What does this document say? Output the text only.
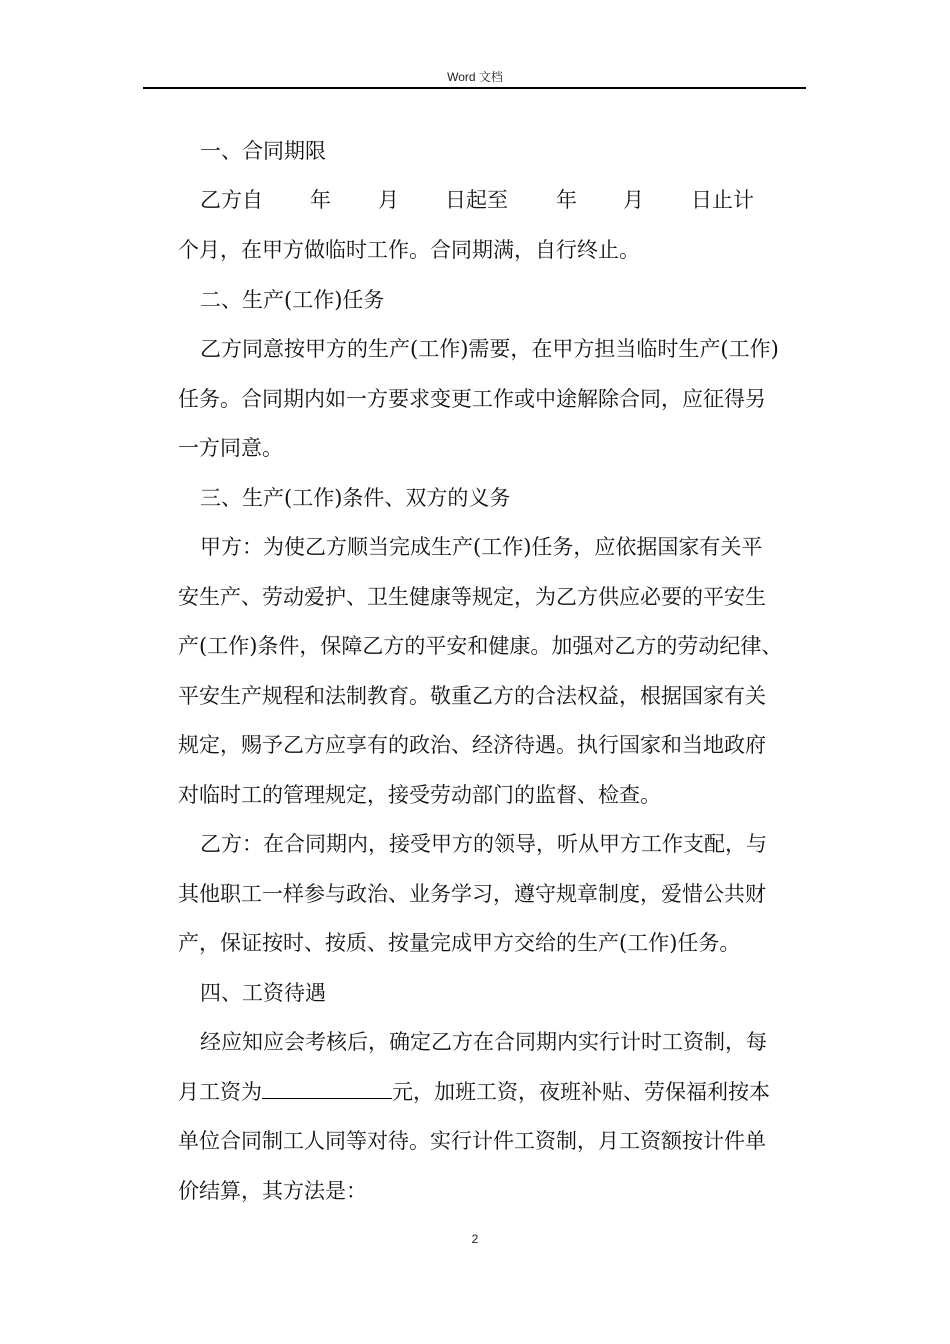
Word 文档
一、合同期限
乙方自 年 月 日起至 年 月 日止计
个月，在甲方做临时工作。合同期满，自行终止。
二、生产(工作)任务
乙方同意按甲方的生产(工作)需要，在甲方担当临时生产(工作)
任务。合同期内如一方要求变更工作或中途解除合同，应征得另
一方同意。
三、生产(工作)条件、双方的义务
甲方：为使乙方顺当完成生产(工作)任务，应依据国家有关平
安生产、劳动爱护、卫生健康等规定，为乙方供应必要的平安生
产(工作)条件，保障乙方的平安和健康。加强对乙方的劳动纪律、
平安生产规程和法制教育。敬重乙方的合法权益，根据国家有关
规定，赐予乙方应享有的政治、经济待遇。执行国家和当地政府
对临时工的管理规定，接受劳动部门的监督、检查。
乙方：在合同期内，接受甲方的领导，听从甲方工作支配，与
其他职工一样参与政治、业务学习，遵守规章制度，爱惜公共财
产，保证按时、按质、按量完成甲方交给的生产(工作)任务。
四、工资待遇
经应知应会考核后，确定乙方在合同期内实行计时工资制，每
月工资为	元，加班工资，夜班补贴、劳保福利按本
单位合同制工人同等对待。实行计件工资制，月工资额按计件单
价结算，其方法是：
2
